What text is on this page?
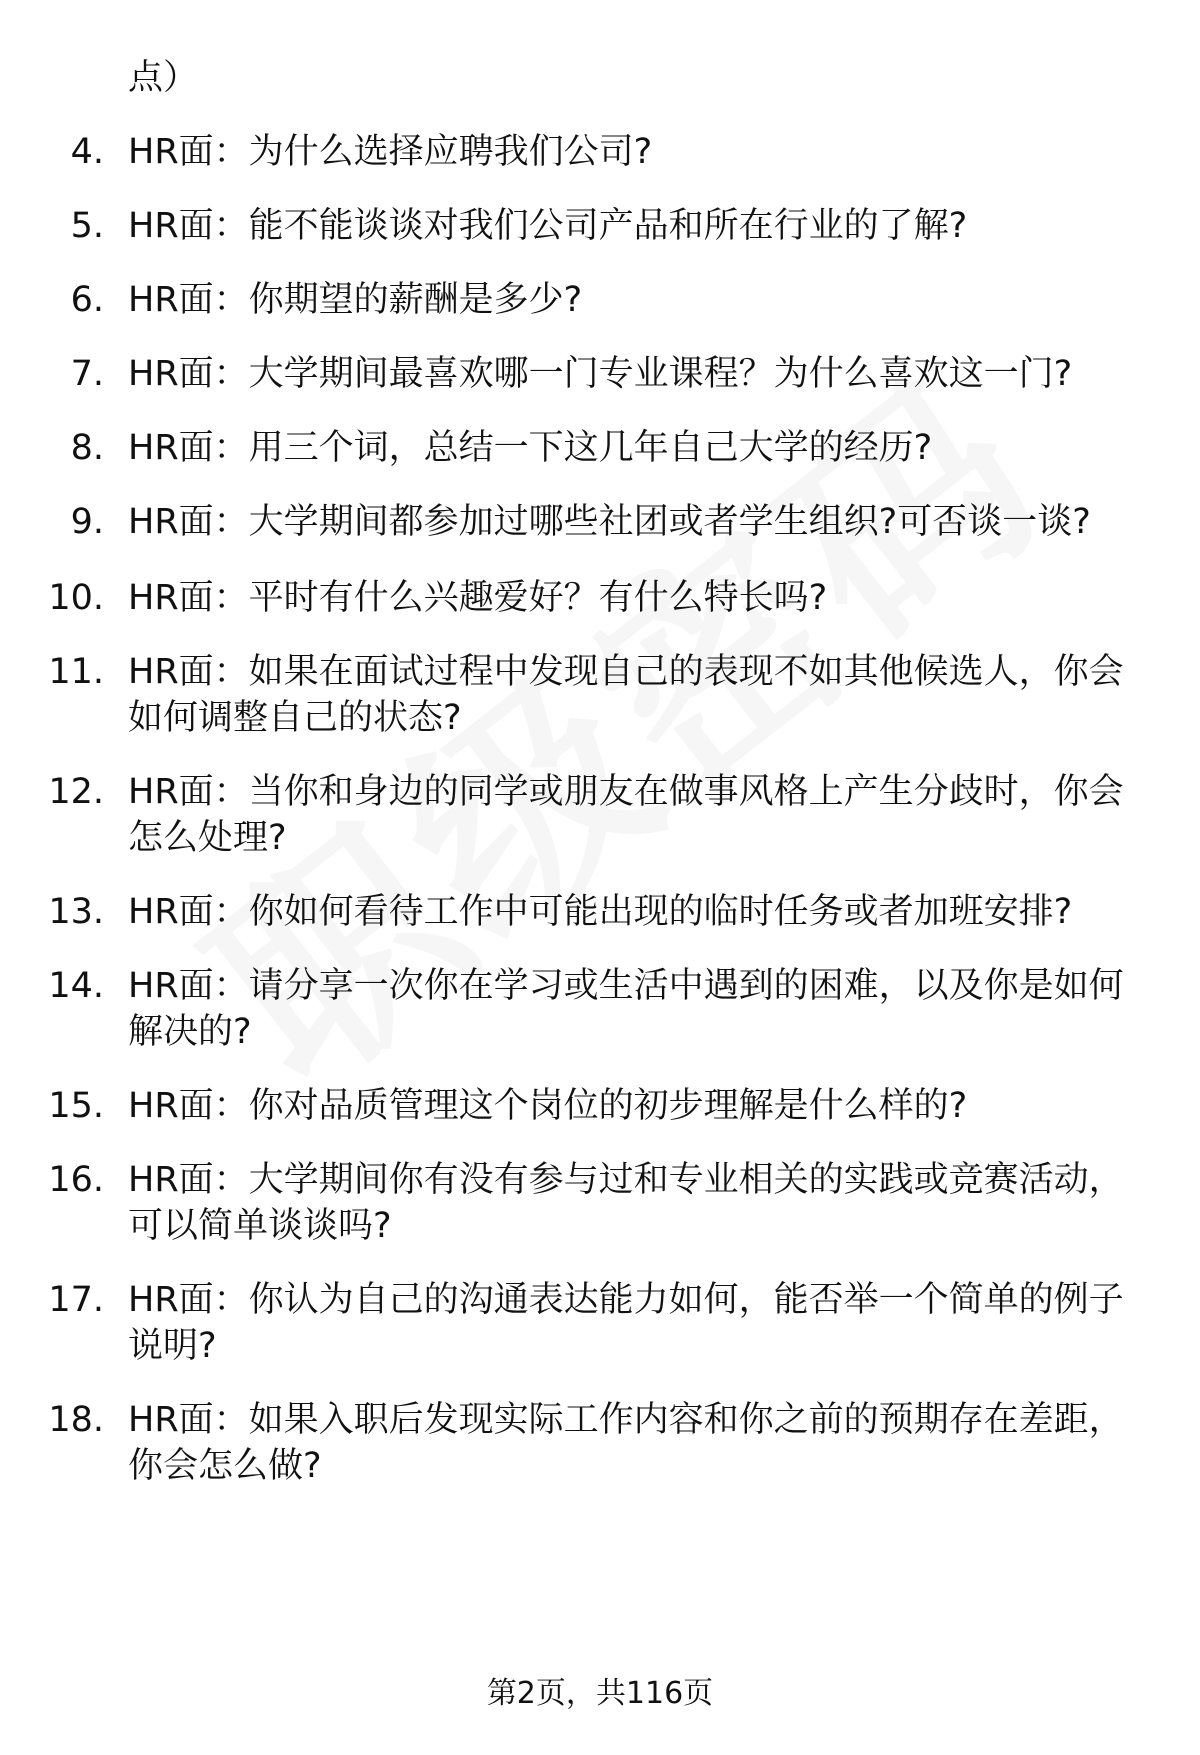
点）
4. HR面：为什么选择应聘我们公司?
5. HR面：能不能谈谈对我们公司产品和所在行业的了解?
6. HR面：你期望的薪酬是多少?
7. HR面：大学期间最喜欢哪一门专业课程？为什么喜欢这一门?
8. HR面：用三个词，总结一下这几年自己大学的经历?
9. HR面：大学期间都参加过哪些社团或者学生组织?可否谈一谈?
10. HR面：平时有什么兴趣爱好？有什么特长吗?
11. HR面：如果在面试过程中发现自己的表现不如其他候选人，你会
如何调整自己的状态?
12. HR面：当你和身边的同学或朋友在做事风格上产生分歧时，你会
怎么处理?
13. HR面：你如何看待工作中可能出现的临时任务或者加班安排?
14. HR面：请分享一次你在学习或生活中遇到的困难，以及你是如何
解决的?
15. HR面：你对品质管理这个岗位的初步理解是什么样的?
16. HR面：大学期间你有没有参与过和专业相关的实践或竞赛活动，
可以简单谈谈吗?
17. HR面：你认为自己的沟通表达能力如何，能否举一个简单的例子
说明?
18. HR面：如果入职后发现实际工作内容和你之前的预期存在差距，
你会怎么做?
第2页，共116页
